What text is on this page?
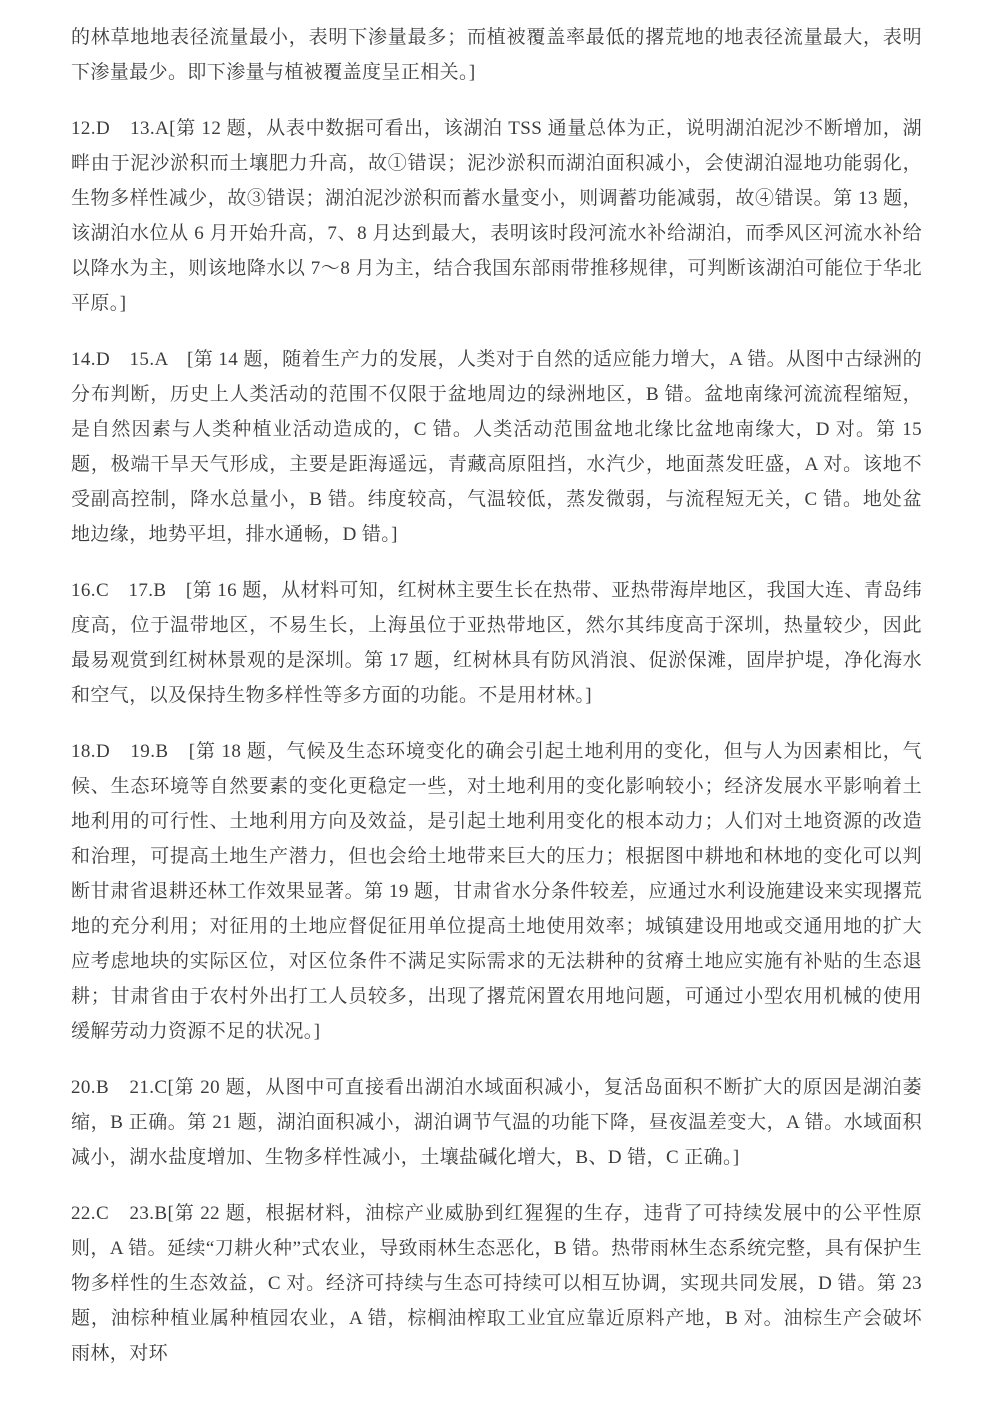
的林草地地表径流量最小，表明下渗量最多；而植被覆盖率最低的撂荒地的地表径流量最大，表明下渗量最少。即下渗量与植被覆盖度呈正相关。]

12.D　13.A[第 12 题，从表中数据可看出，该湖泊 TSS 通量总体为正，说明湖泊泥沙不断增加，湖畔由于泥沙淤积而土壤肥力升高，故①错误；泥沙淤积而湖泊面积减小，会使湖泊湿地功能弱化，生物多样性减少，故③错误；湖泊泥沙淤积而蓄水量变小，则调蓄功能减弱，故④错误。第 13 题，该湖泊水位从 6 月开始升高，7、8 月达到最大，表明该时段河流水补给湖泊，而季风区河流水补给以降水为主，则该地降水以 7～8 月为主，结合我国东部雨带推移规律，可判断该湖泊可能位于华北平原。]

14.D　15.A　[第 14 题，随着生产力的发展，人类对于自然的适应能力增大，A 错。从图中古绿洲的分布判断，历史上人类活动的范围不仅限于盆地周边的绿洲地区，B 错。盆地南缘河流流程缩短，是自然因素与人类种植业活动造成的，C 错。人类活动范围盆地北缘比盆地南缘大，D 对。第 15 题，极端干旱天气形成，主要是距海遥远，青藏高原阻挡，水汽少，地面蒸发旺盛，A 对。该地不受副高控制，降水总量小，B 错。纬度较高，气温较低，蒸发微弱，与流程短无关，C 错。地处盆地边缘，地势平坦，排水通畅，D 错。]

16.C　17.B　[第 16 题，从材料可知，红树林主要生长在热带、亚热带海岸地区，我国大连、青岛纬度高，位于温带地区，不易生长，上海虽位于亚热带地区，然尔其纬度高于深圳，热量较少，因此最易观赏到红树林景观的是深圳。第 17 题，红树林具有防风消浪、促淤保滩，固岸护堤，净化海水和空气，以及保持生物多样性等多方面的功能。不是用材林。]

18.D　19.B　[第 18 题，气候及生态环境变化的确会引起土地利用的变化，但与人为因素相比，气候、生态环境等自然要素的变化更稳定一些，对土地利用的变化影响较小；经济发展水平影响着土地利用的可行性、土地利用方向及效益，是引起土地利用变化的根本动力；人们对土地资源的改造和治理，可提高土地生产潜力，但也会给土地带来巨大的压力；根据图中耕地和林地的变化可以判断甘肃省退耕还林工作效果显著。第 19 题，甘肃省水分条件较差，应通过水利设施建设来实现撂荒地的充分利用；对征用的土地应督促征用单位提高土地使用效率；城镇建设用地或交通用地的扩大应考虑地块的实际区位，对区位条件不满足实际需求的无法耕种的贫瘠土地应实施有补贴的生态退耕；甘肃省由于农村外出打工人员较多，出现了撂荒闲置农用地问题，可通过小型农用机械的使用缓解劳动力资源不足的状况。]

20.B　21.C[第 20 题，从图中可直接看出湖泊水域面积减小，复活岛面积不断扩大的原因是湖泊萎缩，B 正确。第 21 题，湖泊面积减小，湖泊调节气温的功能下降，昼夜温差变大，A 错。水域面积减小，湖水盐度增加、生物多样性减小，土壤盐碱化增大，B、D 错，C 正确。]

22.C　23.B[第 22 题，根据材料，油棕产业威胁到红猩猩的生存，违背了可持续发展中的公平性原则，A 错。延续“刀耕火种”式农业，导致雨林生态恶化，B 错。热带雨林生态系统完整，具有保护生物多样性的生态效益，C 对。经济可持续与生态可持续可以相互协调，实现共同发展，D 错。第 23 题，油棕种植业属种植园农业，A 错，棕榈油榨取工业宜应靠近原料产地，B 对。油棕生产会破坏雨林，对环
